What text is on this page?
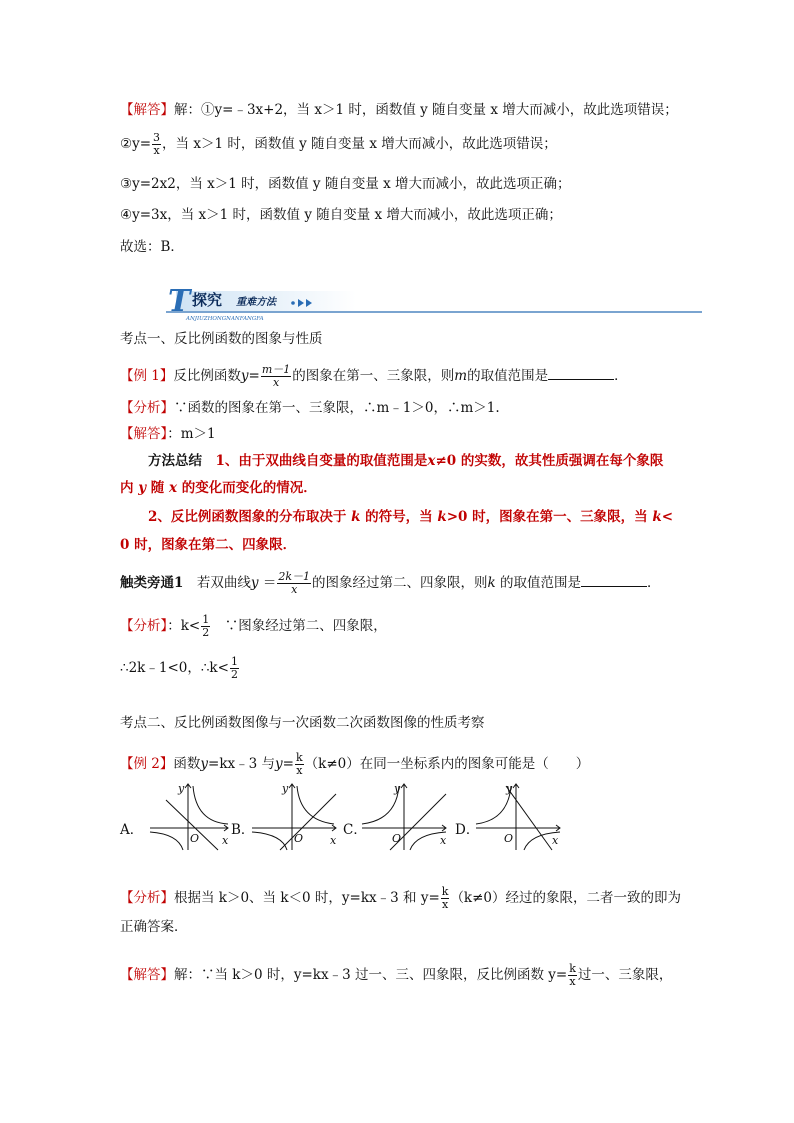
【解答】解：①y=﹣3x+2，当 x＞1 时，函数值 y 随自变量 x 增大而减小，故此选项错误；
②y= $\frac{3}{x}$ ，当 x＞1 时，函数值 y 随自变量 x 增大而减小，故此选项错误；
③y=2x2，当 x＞1 时，函数值 y 随自变量 x 增大而减小，故此选项正确；
④y=3x，当 x＞1 时，函数值 y 随自变量 x 增大而减小，故此选项正确；
故选：B．
T 探究 重难方法
ANJIUZHONGNANFANGFA
考点一、反比例函数的图象与性质
【例 1】反比例函数$y= \frac{m-1}{x}$ 的图象在第一、三象限，则m的取值范围是	．
【分析】∵函数的图象在第一、三象限，∴m﹣1＞0，∴m＞1.
【解答】：m＞1
方法总结　 1、由于双曲线自变量的取值范围是x≠0 的实数，故其性质强调在每个象限
内 y 随 x 的变化而变化的情况．
2、反比例函数图象的分布取决于 k 的符号，当 k>0 时，图象在第一、三象限，当 k<
0 时，图象在第二、四象限．
触类旁通1　 若双曲线$y = \frac{2k-1}{x}$ 的图象经过第二、四象限，则k 的取值范围是	．
【分析】：$k< \frac{1}{2}$
　 ∵图象经过第二、四象限，
∴2k﹣1<0，∴k< $\frac{1}{2}$
考点二、反比例函数图像与一次函数二次函数图像的性质考察
【例 2】函数y=kx﹣3 与$y= \frac{k}{x} (k\ne 0)$在同一坐标系内的图象可能是（　　）
A．	B．	C．	D．
y
x
O
y
x
O
y
x
O
y
x
O
【分析】根据当 k＞0、当 k＜0 时，y=kx﹣3 和 $y= \frac{k}{x} (k\ne 0)$经过的象限，二者一致的即为
正确答案．
【解答】解：∵当 k＞0 时，y=kx﹣3 过一、三、四象限，反比例函数 $y= \frac{k}{x}$ 过一、三象限，
